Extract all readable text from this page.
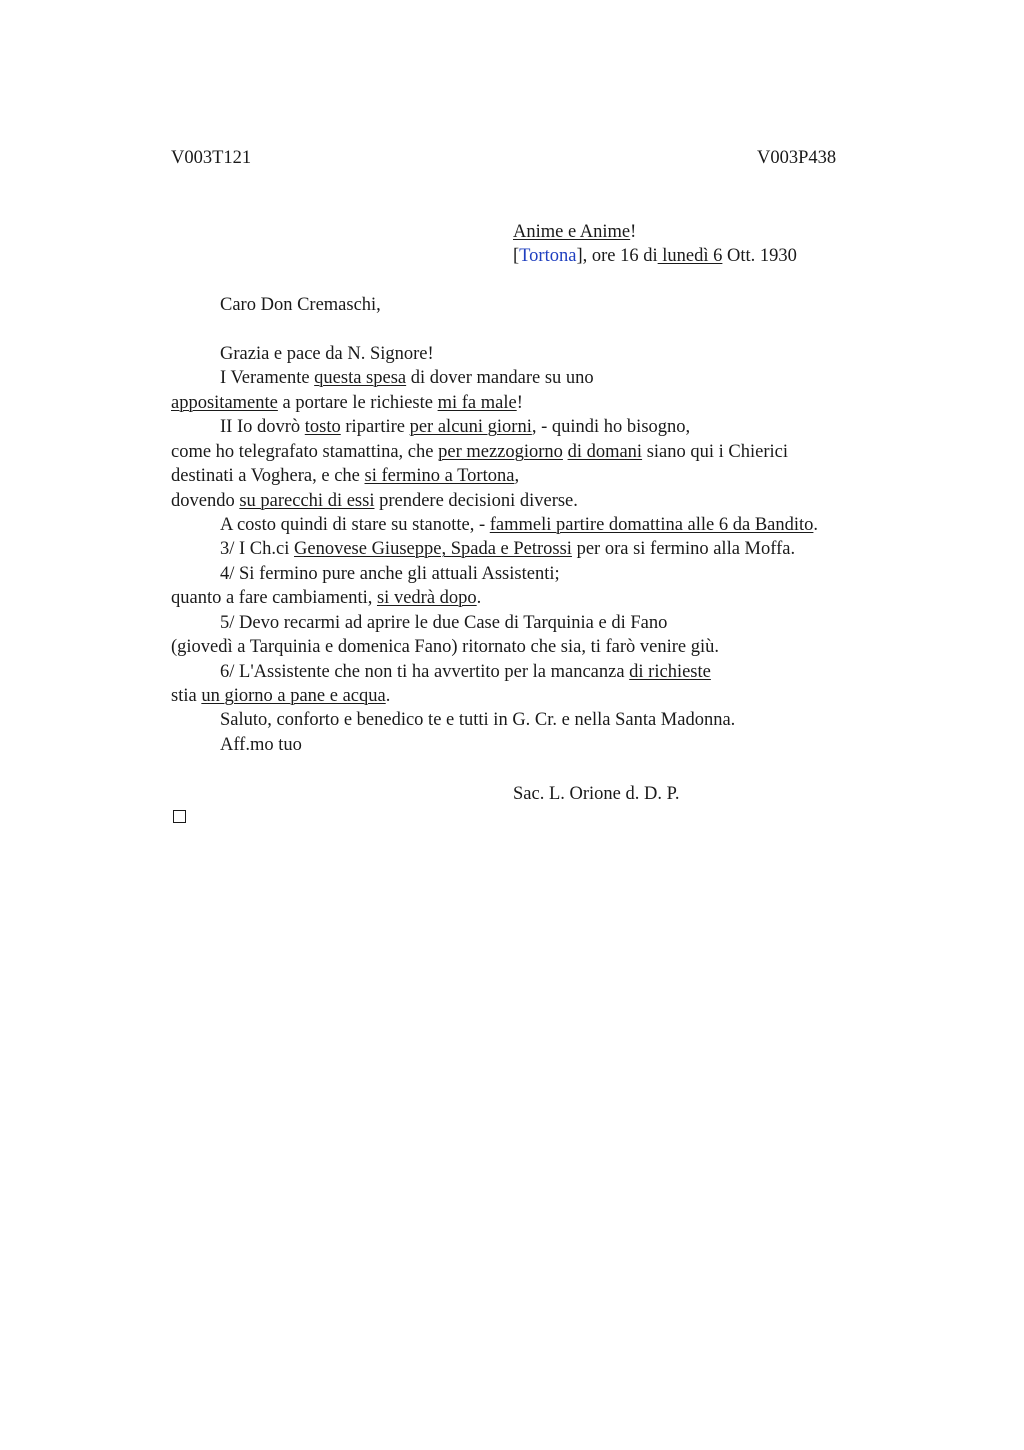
V003T121	V003P438
Anime e Anime!
[Tortona], ore 16 di lunedì 6 Ott. 1930
Caro Don Cremaschi,
Grazia e pace da N. Signore!
I Veramente questa spesa di dover mandare su uno
appositamente a portare le richieste mi fa male!
II Io dovrò tosto ripartire per alcuni giorni, - quindi ho bisogno,
come ho telegrafato stamattina, che per mezzogiorno di domani siano qui i Chierici
destinati a Voghera, e che si fermino a Tortona,
dovendo su parecchi di essi prendere decisioni diverse.
A costo quindi di stare su stanotte, - fammeli partire domattina alle 6 da Bandito.
3/ I Ch.ci Genovese Giuseppe, Spada e Petrossi per ora si fermino alla Moffa.
4/ Si fermino pure anche gli attuali Assistenti;
quanto a fare cambiamenti, si vedrà dopo.
5/ Devo recarmi ad aprire le due Case di Tarquinia e di Fano
(giovedì a Tarquinia e domenica Fano) ritornato che sia, ti farò venire giù.
6/ L'Assistente che non ti ha avvertito per la mancanza di richieste
stia un giorno a pane e acqua.
Saluto, conforto e benedico te e tutti in G. Cr. e nella Santa Madonna.
Aff.mo tuo
Sac. L. Orione d. D. P.
